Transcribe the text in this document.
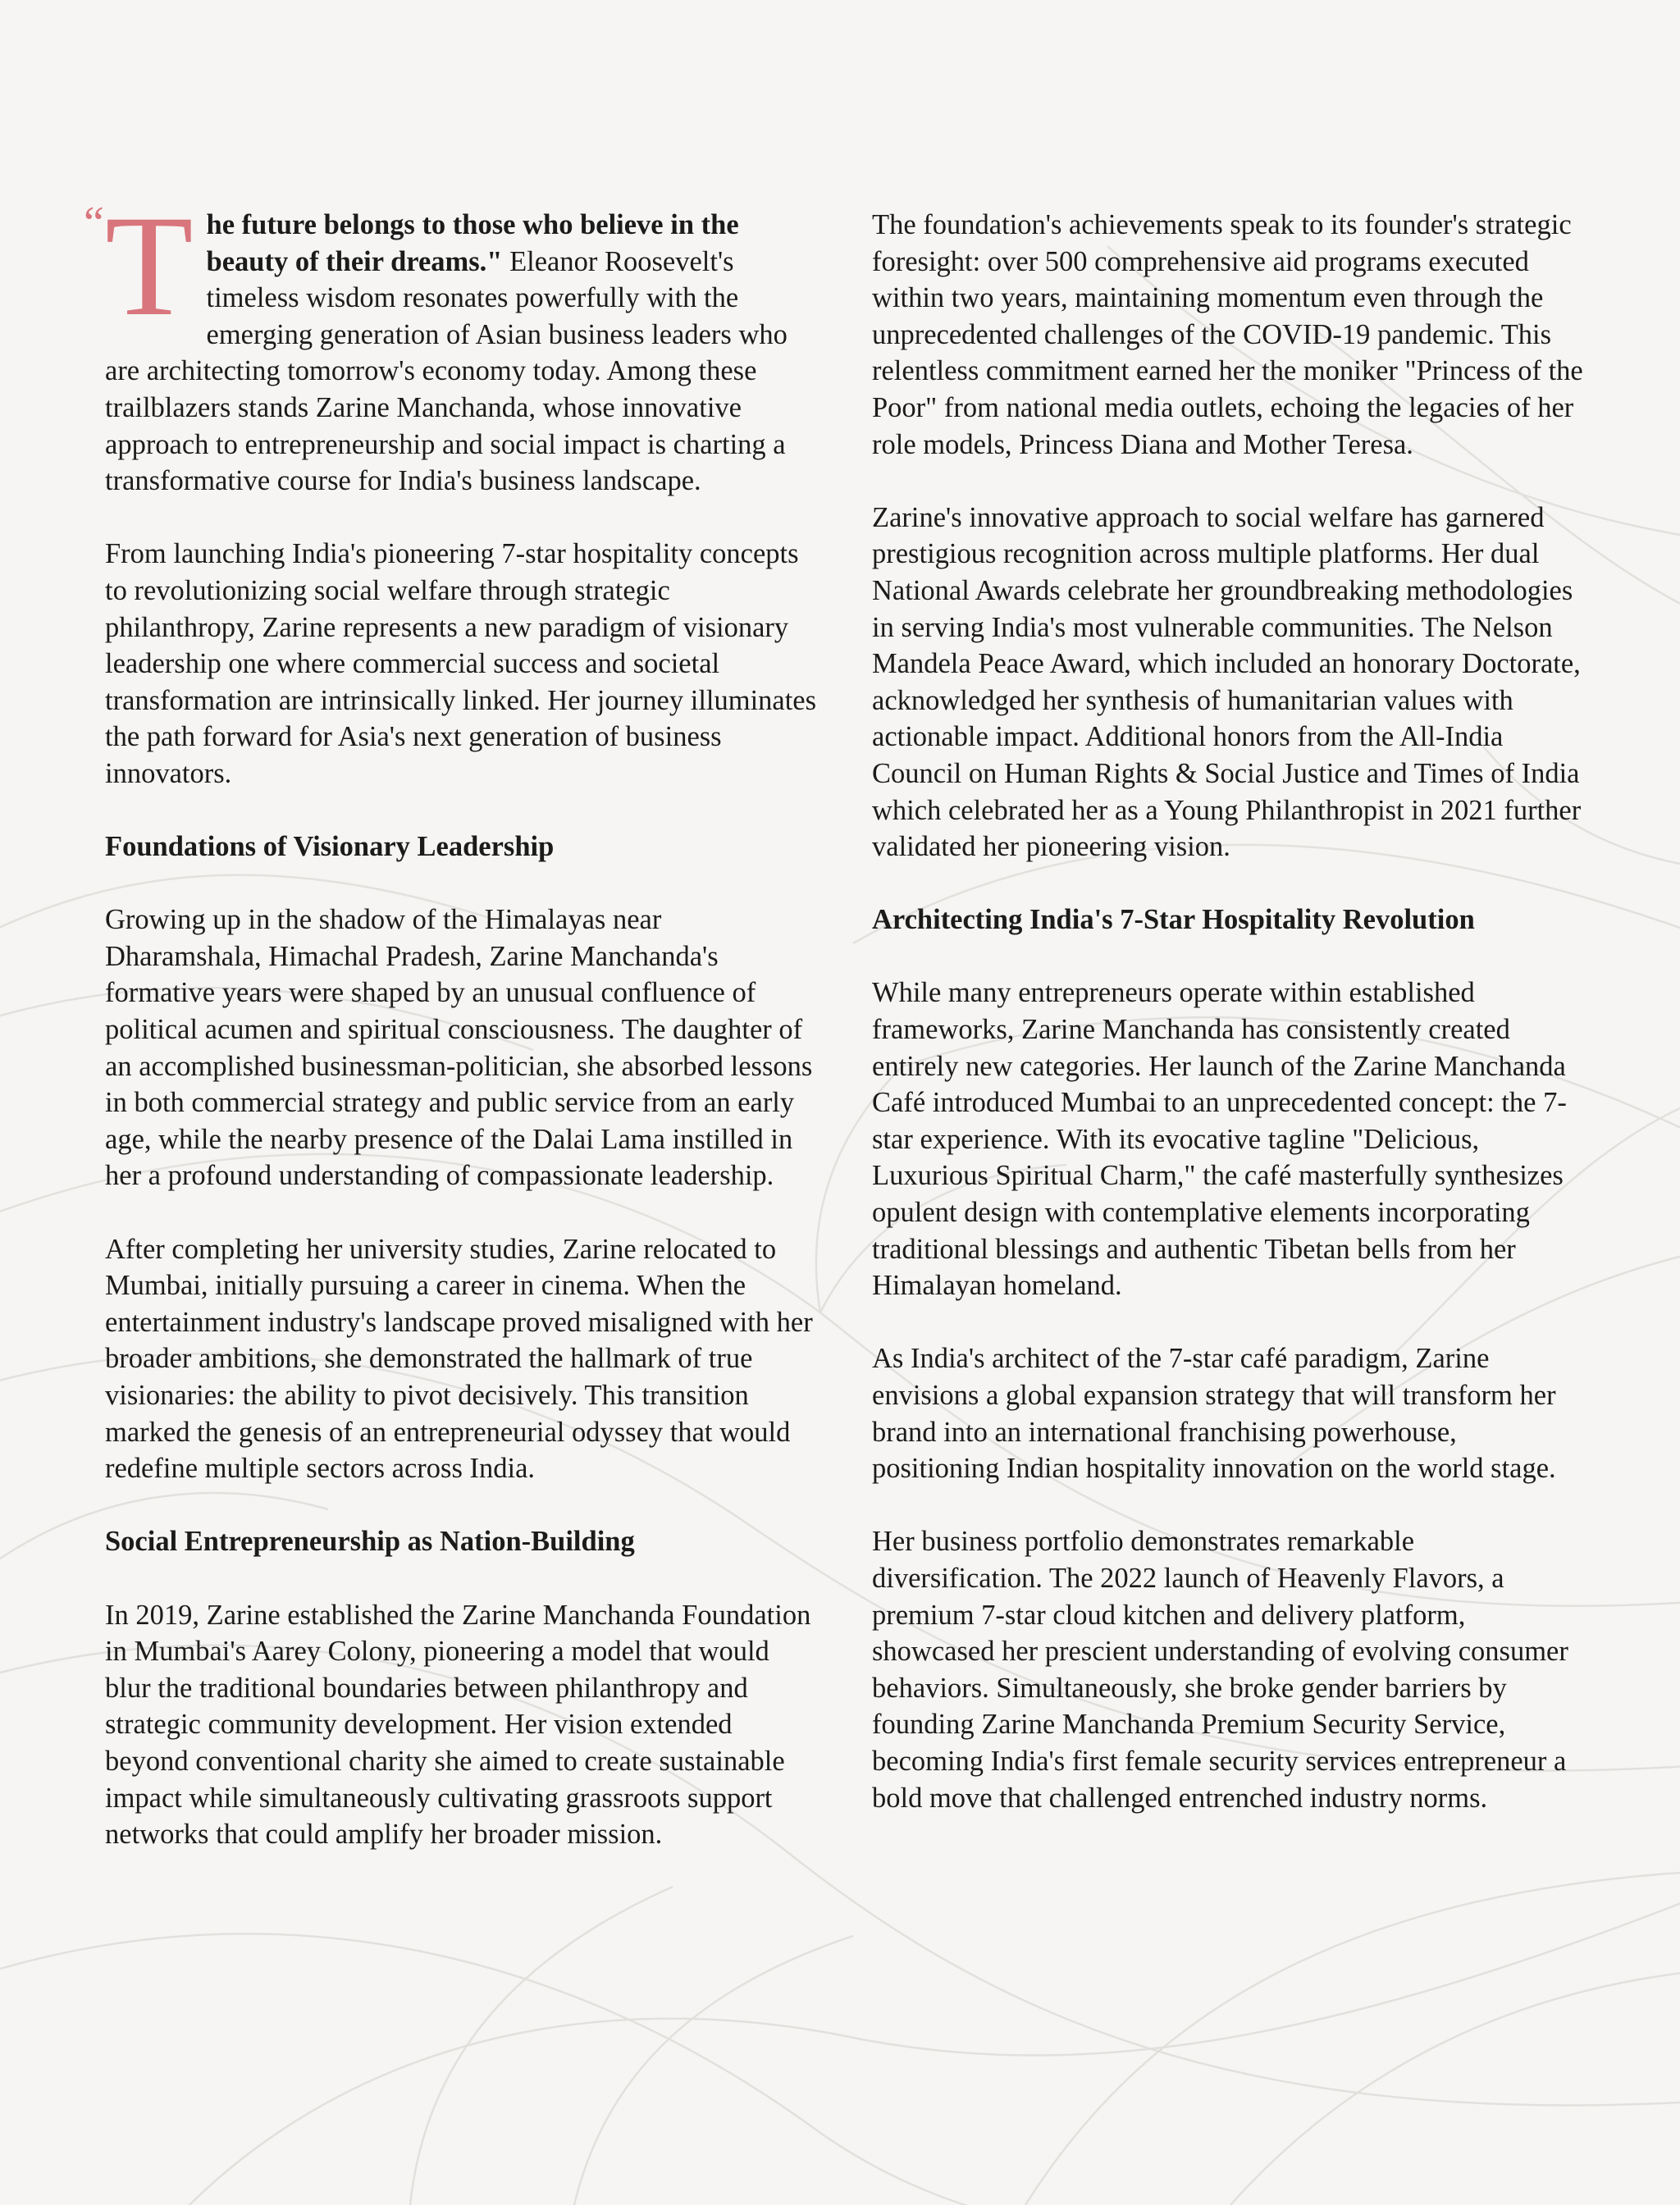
“ T he future belongs to those who believe in the beauty of their dreams." Eleanor Roosevelt's timeless wisdom resonates powerfully with the emerging generation of Asian business leaders who are architecting tomorrow's economy today. Among these trailblazers stands Zarine Manchanda, whose innovative approach to entrepreneurship and social impact is charting a transformative course for India's business landscape.

From launching India's pioneering 7-star hospitality concepts to revolutionizing social welfare through strategic philanthropy, Zarine represents a new paradigm of visionary leadership one where commercial success and societal transformation are intrinsically linked. Her journey illuminates the path forward for Asia's next generation of business innovators.

Foundations of Visionary Leadership

Growing up in the shadow of the Himalayas near Dharamshala, Himachal Pradesh, Zarine Manchanda's formative years were shaped by an unusual confluence of political acumen and spiritual consciousness. The daughter of an accomplished businessman-politician, she absorbed lessons in both commercial strategy and public service from an early age, while the nearby presence of the Dalai Lama instilled in her a profound understanding of compassionate leadership.

After completing her university studies, Zarine relocated to Mumbai, initially pursuing a career in cinema. When the entertainment industry's landscape proved misaligned with her broader ambitions, she demonstrated the hallmark of true visionaries: the ability to pivot decisively. This transition marked the genesis of an entrepreneurial odyssey that would redefine multiple sectors across India.

Social Entrepreneurship as Nation-Building

In 2019, Zarine established the Zarine Manchanda Foundation in Mumbai's Aarey Colony, pioneering a model that would blur the traditional boundaries between philanthropy and strategic community development. Her vision extended beyond conventional charity she aimed to create sustainable impact while simultaneously cultivating grassroots support networks that could amplify her broader mission.

The foundation's achievements speak to its founder's strategic foresight: over 500 comprehensive aid programs executed within two years, maintaining momentum even through the unprecedented challenges of the COVID-19 pandemic. This relentless commitment earned her the moniker "Princess of the Poor" from national media outlets, echoing the legacies of her role models, Princess Diana and Mother Teresa.

Zarine's innovative approach to social welfare has garnered prestigious recognition across multiple platforms. Her dual National Awards celebrate her groundbreaking methodologies in serving India's most vulnerable communities. The Nelson Mandela Peace Award, which included an honorary Doctorate, acknowledged her synthesis of humanitarian values with actionable impact. Additional honors from the All-India Council on Human Rights & Social Justice and Times of India which celebrated her as a Young Philanthropist in 2021 further validated her pioneering vision.

Architecting India's 7-Star Hospitality Revolution

While many entrepreneurs operate within established frameworks, Zarine Manchanda has consistently created entirely new categories. Her launch of the Zarine Manchanda Café introduced Mumbai to an unprecedented concept: the 7-star experience. With its evocative tagline "Delicious, Luxurious Spiritual Charm," the café masterfully synthesizes opulent design with contemplative elements incorporating traditional blessings and authentic Tibetan bells from her Himalayan homeland.

As India's architect of the 7-star café paradigm, Zarine envisions a global expansion strategy that will transform her brand into an international franchising powerhouse, positioning Indian hospitality innovation on the world stage.

Her business portfolio demonstrates remarkable diversification. The 2022 launch of Heavenly Flavors, a premium 7-star cloud kitchen and delivery platform, showcased her prescient understanding of evolving consumer behaviors. Simultaneously, she broke gender barriers by founding Zarine Manchanda Premium Security Service, becoming India's first female security services entrepreneur a bold move that challenged entrenched industry norms.
